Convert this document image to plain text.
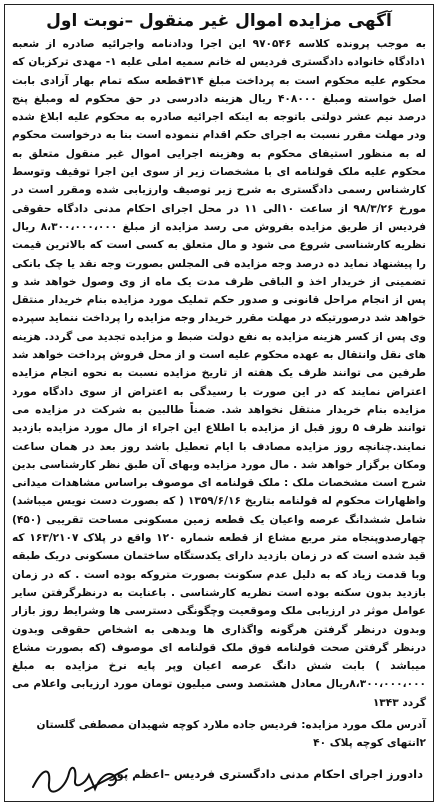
آگهی مزایده اموال غیر منقول –نوبت اول

به موجب پرونده کلاسه ۹۷۰۵۴۶ این اجرا ودادنامه واجرائیه صادره از شعبه ۱دادگاه خانواده دادگستری فردیس له خانم سمیه املی علیه ۱- مهدی ترکزبان که محکوم علیه محکوم است به پرداخت مبلغ ۳۱۴قطعه سکه تمام بهار آزادی بابت اصل خواسته ومبلغ ۴۰۸۰۰۰ ریال هزینه دادرسی در حق محکوم له ومبلغ پنج درصد نیم عشر دولتی باتوجه به اینکه اجرائیه صادره به محکوم علیه ابلاغ شده ودر مهلت مقرر نسبت به اجرای حکم اقدام ننموده است بنا به درخواست محکوم له به منظور استیفای محکوم به وهزینه اجرایی اموال غیر منقول متعلق به محکوم علیه ملک قولنامه ای با مشخصات زیر از سوی این اجرا توقیف وتوسط کارشناس رسمی دادگستری به شرح زیر توصیف وارزیابی شده ومقرر است در مورخ ۹۸/۳/۲۶ از ساعت ۱۰الی ۱۱ در محل اجرای احکام مدنی دادگاه حقوقی فردیس از طریق مزایده بفروش می رسد مزایده از مبلغ ۸،۳۰۰،۰۰۰،۰۰۰ ریال نظریه کارشناسی شروع می شود و مال متعلق به کسی است که بالاترین قیمت را پیشنهاد نماید ده درصد وجه مزایده فی المجلس بصورت وجه نقد یا چک بانکی تضمینی از خریدار اخذ و الباقی ظرف مدت یک ماه از وی وصول خواهد شد و پس از انجام مراحل قانونی و صدور حکم تملیک مورد مزایده بنام خریدار منتقل خواهد شد درصورتیکه در مهلت مقرر خریدار وجه مزایده را پرداخت ننماید سپرده وی پس از کسر هزینه مزایده به نفع دولت ضبط و مزایده تجدید می گردد. هزینه های نقل وانتقال به عهده محکوم علیه است و از محل فروش پرداخت خواهد شد طرفین می توانند ظرف یک هفته از تاریخ مزایده نسبت به نحوه انجام مزایده اعتراض نمایند که در این صورت با رسیدگی به اعتراض از سوی دادگاه مورد مزایده بنام خریدار منتقل نخواهد شد. ضمناً طالبین به شرکت در مزایده می توانند ظرف ۵ روز قبل از مزایده با اطلاع این اجراء از مال مورد مزایده بازدید نمایند.چنانچه روز مزایده مصادف با ایام تعطیل باشد روز بعد در همان ساعت ومکان برگزار خواهد شد . مال مورد مزایده وبهای آن طبق نظر کارشناسی بدین شرح است مشخصات ملک : ملک قولنامه ای موصوف براساس مشاهدات میدانی واظهارات محکوم له قولنامه بتاریخ ۱۳۵۹/۶/۱۶ ( که بصورت دست نویس میباشد) شامل ششدانگ عرصه واعیان یک قطعه زمین مسکونی مساحت تقریبی (۴۵۰) چهارصدوپنجاه متر مربع مشاع از قطعه شماره ۱۲۰ واقع در پلاک ۱۶۳/۲۱۰۷ که قید شده است که در زمان بازدید دارای یکدستگاه ساختمان مسکونی دریک طبقه وبا قدمت زیاد که به دلیل عدم سکونت بصورت متروکه بوده است . که در زمان بازدید بدون سکنه بوده است نظریه کارشناسی . باعنایت به درنظرگرفتن سایر عوامل موثر در ارزیابی ملک وموقعیت وچگونگی دسترسی ها وشرایط روز بازار وبدون درنظر گرفتن هرگونه واگذاری ها وبدهی به اشخاص حقوقی وبدون درنظر گرفتن صحت قولنامه فوق ملک قولنامه ای موصوف (که بصورت مشاع میباشد ) بابت شش دانگ عرصه اعیان وپر پایه نرخ مزایده به مبلغ ۸،۳۰۰،۰۰۰،۰۰۰ریال معادل هشتصد وسی میلیون تومان مورد ارزیابی واعلام می گردد ۱۳۴۳

آدرس ملک مورد مزایده: فردیس جاده ملارد کوچه شهیدان مصطفی گلستان ۲انتهای کوچه پلاک ۴۰

دادورز اجرای احکام مدنی دادگستری فردیس –اعظم پور
